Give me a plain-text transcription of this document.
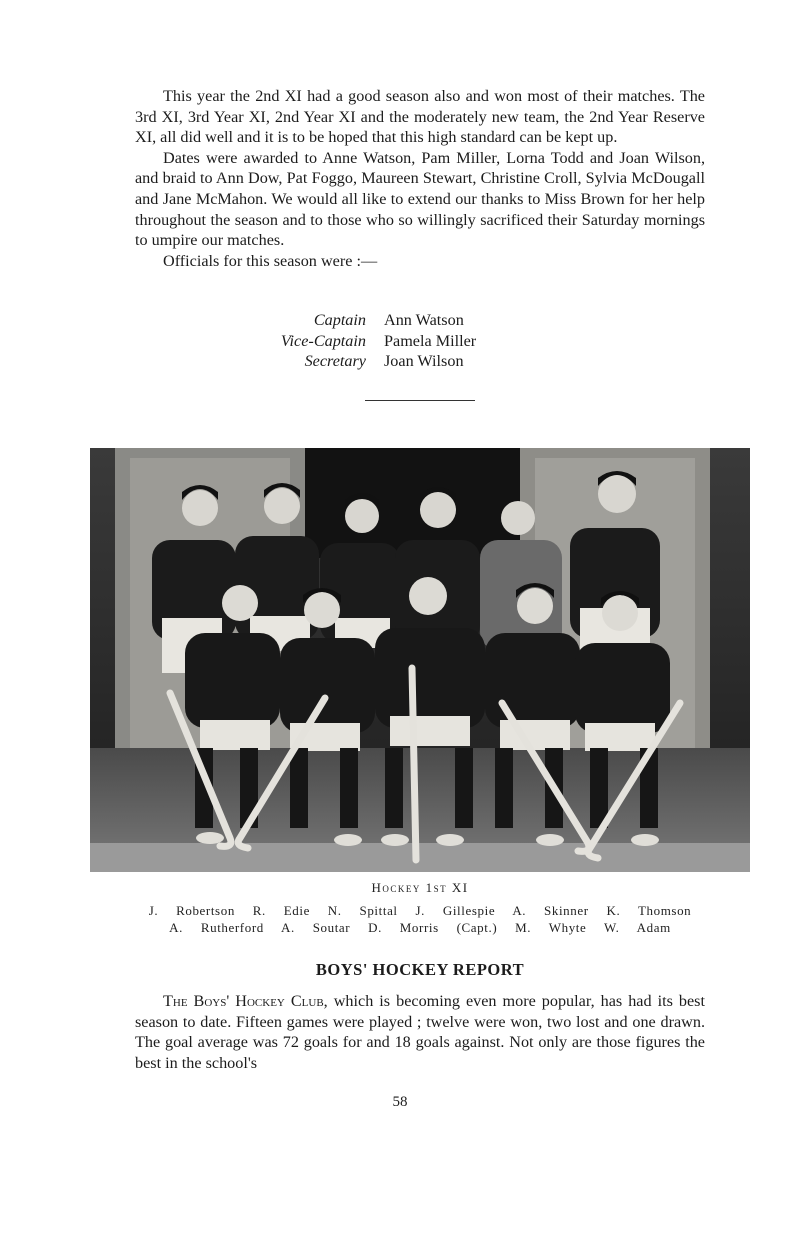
This year the 2nd XI had a good season also and won most of their matches. The 3rd XI, 3rd Year XI, 2nd Year XI and the moderately new team, the 2nd Year Reserve XI, all did well and it is to be hoped that this high standard can be kept up.

Dates were awarded to Anne Watson, Pam Miller, Lorna Todd and Joan Wilson, and braid to Ann Dow, Pat Foggo, Maureen Stewart, Christine Croll, Sylvia McDougall and Jane McMahon. We would all like to extend our thanks to Miss Brown for her help throughout the season and to those who so willingly sacrificed their Saturday mornings to umpire our matches.

Officials for this season were :—

Captain	Ann Watson
Vice-Captain	Pamela Miller
Secretary	Joan Wilson
Hockey 1st XI
J. Robertson R. Edie N. Spittal J. Gillespie A. Skinner K. Thomson
A. Rutherford A. Soutar D. Morris (Capt.) M. Whyte W. Adam
BOYS' HOCKEY REPORT

The Boys' Hockey Club, which is becoming even more popular, has had its best season to date. Fifteen games were played ; twelve were won, two lost and one drawn. The goal average was 72 goals for and 18 goals against. Not only are those figures the best in the school's

58
